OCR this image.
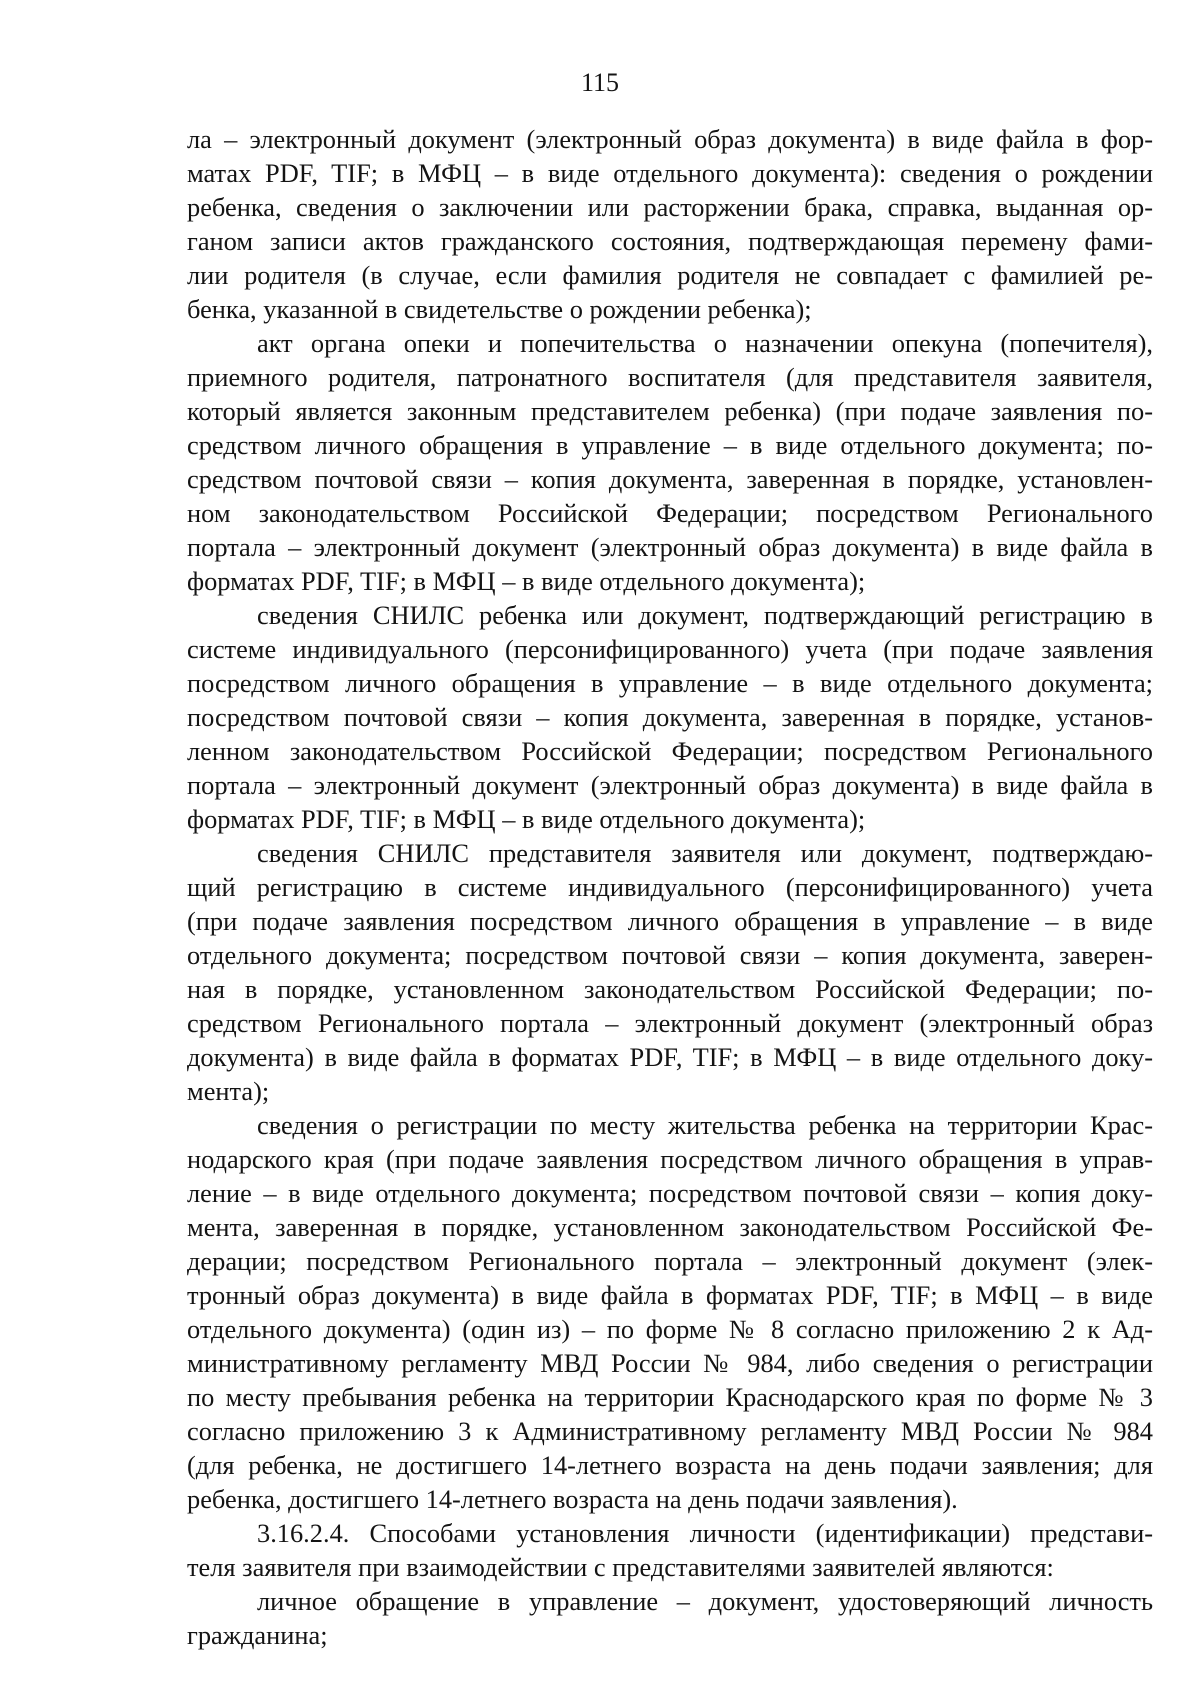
115

ла – электронный документ (электронный образ документа) в виде файла в фор-

матах PDF, TIF; в МФЦ – в виде отдельного документа): сведения о рождении

ребенка, сведения о заключении или расторжении брака, справка, выданная ор-

ганом записи актов гражданского состояния, подтверждающая перемену фами-

лии родителя (в случае, если фамилия родителя не совпадает с фамилией ре-

бенка, указанной в свидетельстве о рождении ребенка);

акт органа опеки и попечительства о назначении опекуна (попечителя),

приемного родителя, патронатного воспитателя (для представителя заявителя,

который является законным представителем ребенка) (при подаче заявления по-

средством личного обращения в управление – в виде отдельного документа; по-

средством почтовой связи – копия документа, заверенная в порядке, установлен-

ном законодательством Российской Федерации; посредством Регионального

портала – электронный документ (электронный образ документа) в виде файла в

форматах PDF, TIF; в МФЦ – в виде отдельного документа);

сведения СНИЛС ребенка или документ, подтверждающий регистрацию в

системе индивидуального (персонифицированного) учета (при подаче заявления

посредством личного обращения в управление – в виде отдельного документа;

посредством почтовой связи – копия документа, заверенная в порядке, установ-

ленном законодательством Российской Федерации; посредством Регионального

портала – электронный документ (электронный образ документа) в виде файла в

форматах PDF, TIF; в МФЦ – в виде отдельного документа);

сведения СНИЛС представителя заявителя или документ, подтверждаю-

щий регистрацию в системе индивидуального (персонифицированного) учета

(при подаче заявления посредством личного обращения в управление – в виде

отдельного документа; посредством почтовой связи – копия документа, заверен-

ная в порядке, установленном законодательством Российской Федерации; по-

средством Регионального портала – электронный документ (электронный образ

документа) в виде файла в форматах PDF, TIF; в МФЦ – в виде отдельного доку-

мента);

сведения о регистрации по месту жительства ребенка на территории Крас-

нодарского края (при подаче заявления посредством личного обращения в управ-

ление – в виде отдельного документа; посредством почтовой связи – копия доку-

мента, заверенная в порядке, установленном законодательством Российской Фе-

дерации; посредством Регионального портала – электронный документ (элек-

тронный образ документа) в виде файла в форматах PDF, TIF; в МФЦ – в виде

отдельного документа) (один из) – по форме № 8 согласно приложению 2 к Ад-

министративному регламенту МВД России № 984, либо сведения о регистрации

по месту пребывания ребенка на территории Краснодарского края по форме № 3

согласно приложению 3 к Административному регламенту МВД России № 984

(для ребенка, не достигшего 14-летнего возраста на день подачи заявления; для

ребенка, достигшего 14-летнего возраста на день подачи заявления).

3.16.2.4. Способами установления личности (идентификации) представи-

теля заявителя при взаимодействии с представителями заявителей являются:

личное обращение в управление – документ, удостоверяющий личность

гражданина;
